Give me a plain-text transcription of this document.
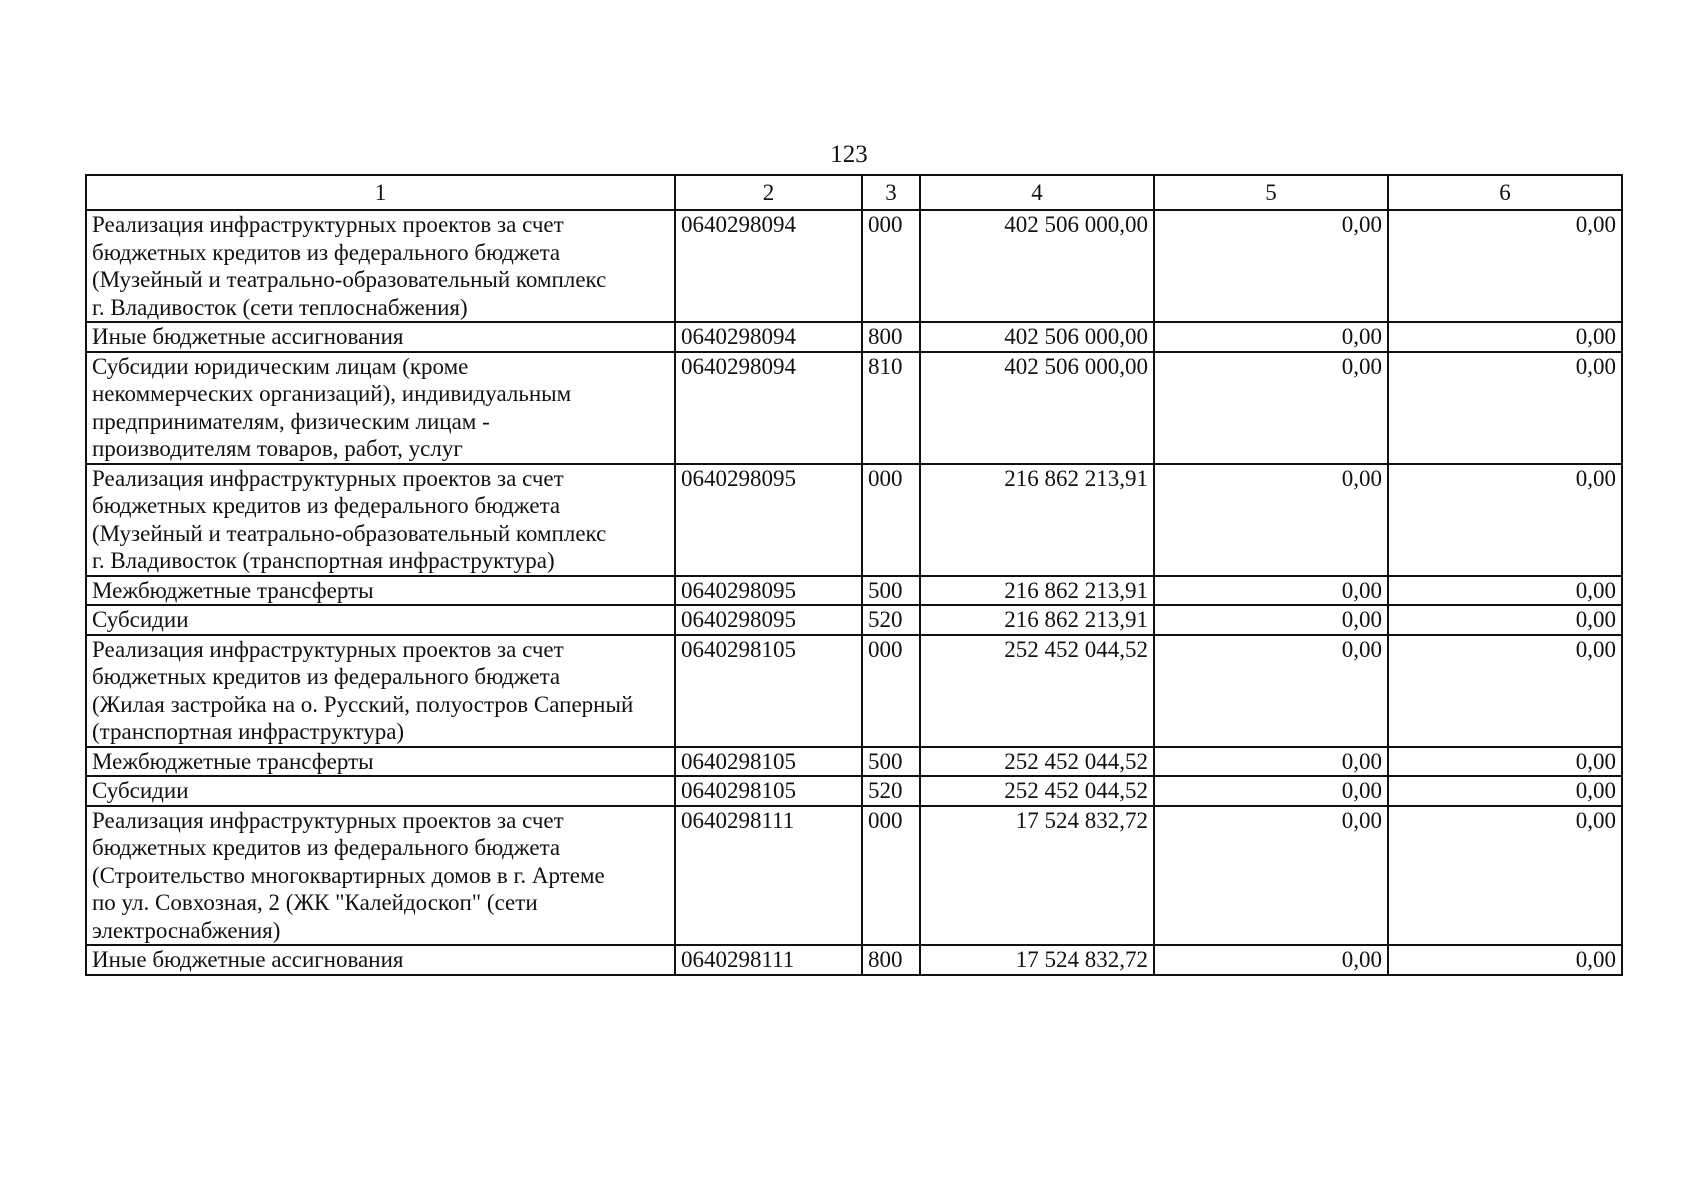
123
1	2	3	4	5	6

Реализация инфраструктурных проектов за счет
бюджетных кредитов из федерального бюджета
(Музейный и театрально-образовательный комплекс
г. Владивосток (сети теплоснабжения)	0640298094	000	402 506 000,00	0,00	0,00

Иные бюджетные ассигнования	0640298094	800	402 506 000,00	0,00	0,00

Субсидии юридическим лицам (кроме
некоммерческих организаций), индивидуальным
предпринимателям, физическим лицам -
производителям товаров, работ, услуг	0640298094	810	402 506 000,00	0,00	0,00

Реализация инфраструктурных проектов за счет
бюджетных кредитов из федерального бюджета
(Музейный и театрально-образовательный комплекс
г. Владивосток (транспортная инфраструктура)	0640298095	000	216 862 213,91	0,00	0,00

Межбюджетные трансферты	0640298095	500	216 862 213,91	0,00	0,00

Субсидии	0640298095	520	216 862 213,91	0,00	0,00

Реализация инфраструктурных проектов за счет
бюджетных кредитов из федерального бюджета
(Жилая застройка на о. Русский, полуостров Саперный
(транспортная инфраструктура)	0640298105	000	252 452 044,52	0,00	0,00

Межбюджетные трансферты	0640298105	500	252 452 044,52	0,00	0,00

Субсидии	0640298105	520	252 452 044,52	0,00	0,00

Реализация инфраструктурных проектов за счет
бюджетных кредитов из федерального бюджета
(Строительство многоквартирных домов в г. Артеме
по ул. Совхозная, 2 (ЖК "Калейдоскоп" (сети
электроснабжения)	0640298111	000	17 524 832,72	0,00	0,00

Иные бюджетные ассигнования	0640298111	800	17 524 832,72	0,00	0,00
